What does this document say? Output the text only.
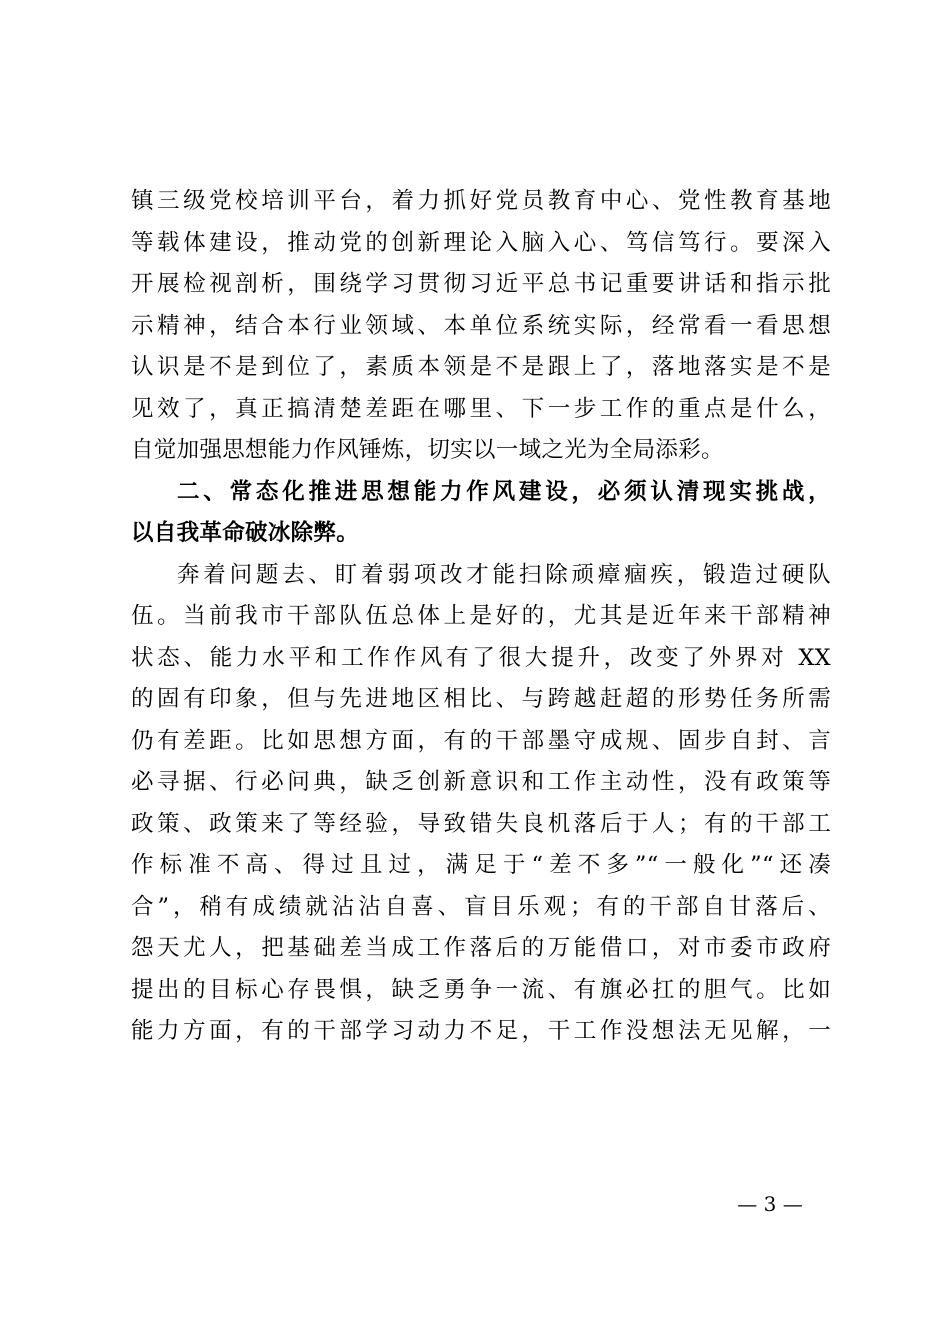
镇三级党校培训平台，着力抓好党员教育中心、党性教育基地
等载体建设，推动党的创新理论入脑入心、笃信笃行。要深入
开展检视剖析，围绕学习贯彻习近平总书记重要讲话和指示批
示精神，结合本行业领域、本单位系统实际，经常看一看思想
认识是不是到位了，素质本领是不是跟上了，落地落实是不是
见效了，真正搞清楚差距在哪里、下一步工作的重点是什么，
自觉加强思想能力作风锤炼，切实以一域之光为全局添彩。
二、常态化推进思想能力作风建设，必须认清现实挑战，
以自我革命破冰除弊。
奔着问题去、盯着弱项改才能扫除顽瘴痼疾，锻造过硬队
伍。当前我市干部队伍总体上是好的，尤其是近年来干部精神
状态、能力水平和工作作风有了很大提升，改变了外界对 XX
的固有印象，但与先进地区相比、与跨越赶超的形势任务所需
仍有差距。比如思想方面，有的干部墨守成规、固步自封、言
必寻据、行必问典，缺乏创新意识和工作主动性，没有政策等
政策、政策来了等经验，导致错失良机落后于人；有的干部工
作标准不高、得过且过，满足于“差不多”“一般化”“还凑
合”，稍有成绩就沾沾自喜、盲目乐观；有的干部自甘落后、
怨天尤人，把基础差当成工作落后的万能借口，对市委市政府
提出的目标心存畏惧，缺乏勇争一流、有旗必扛的胆气。比如
能力方面，有的干部学习动力不足，干工作没想法无见解，一
— 3 —
